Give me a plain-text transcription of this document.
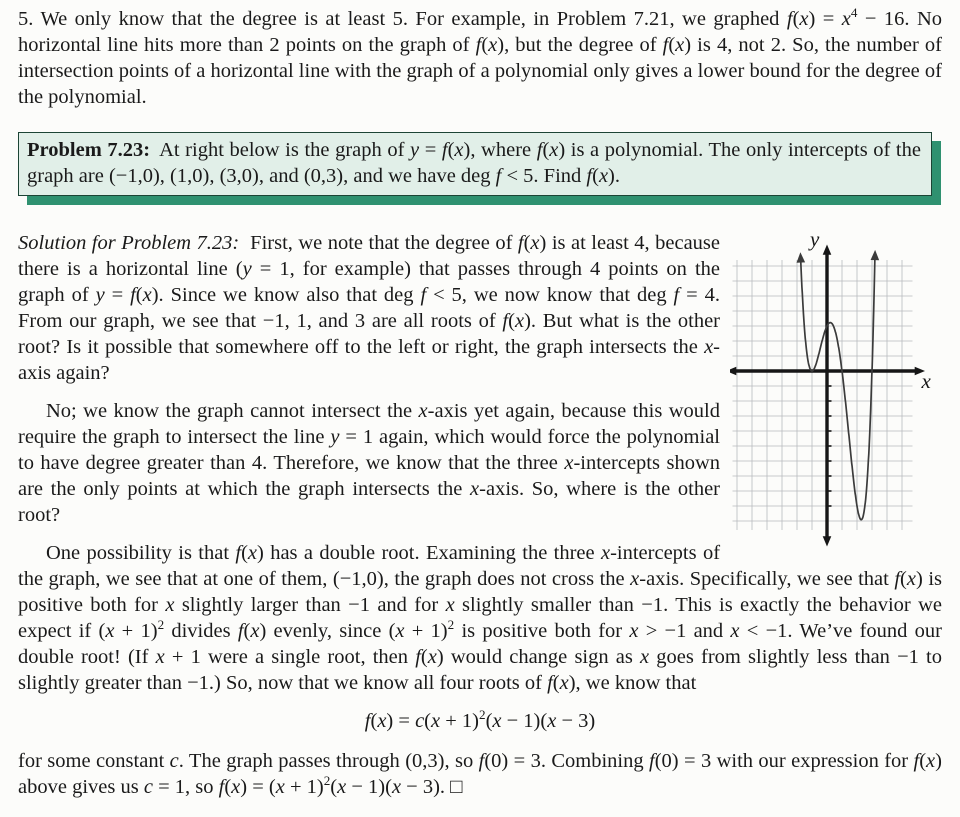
5. We only know that the degree is at least 5. For example, in Problem 7.21, we graphed $f(x) = x^4 - 16$. No horizontal line hits more than 2 points on the graph of f(x), but the degree of f(x) is 4, not 2. So, the number of intersection points of a horizontal line with the graph of a polynomial only gives a lower bound for the degree of the polynomial.

Problem 7.23: At right below is the graph of y = f(x), where f(x) is a polynomial. The only intercepts of the graph are (−1,0), (1,0), (3,0), and (0,3), and we have deg f < 5. Find f(x).
y
x

Solution for Problem 7.23: First, we note that the degree of f(x) is at least 4, because there is a horizontal line (y = 1, for example) that passes through 4 points on the graph of y = f(x). Since we know also that deg f < 5, we now know that deg f = 4. From our graph, we see that −1, 1, and 3 are all roots of f(x). But what is the other root? Is it possible that somewhere off to the left or right, the graph intersects the x-axis again?

No; we know the graph cannot intersect the x-axis yet again, because this would require the graph to intersect the line y = 1 again, which would force the polynomial to have degree greater than 4. Therefore, we know that the three x-intercepts shown are the only points at which the graph intersects the x-axis. So, where is the other root?

One possibility is that f(x) has a double root. Examining the three x-intercepts of the graph, we see that at one of them, (−1,0), the graph does not cross the x-axis. Specifically, we see that f(x) is positive both for x slightly larger than −1 and for x slightly smaller than −1. This is exactly the behavior we expect if $(x + 1)^2$ divides f(x) evenly, since $(x + 1)^2$ is positive both for x > −1 and x < −1. We’ve found our double root! (If x + 1 were a single root, then f(x) would change sign as x goes from slightly less than −1 to slightly greater than −1.) So, now that we know all four roots of f(x), we know that

$f(x) = c(x + 1)^2(x - 1)(x - 3)$

for some constant c. The graph passes through (0,3), so f(0) = 3. Combining f(0) = 3 with our expression for f(x) above gives us c = 1, so $f(x) = (x + 1)^2(x - 1)(x - 3)$. □
